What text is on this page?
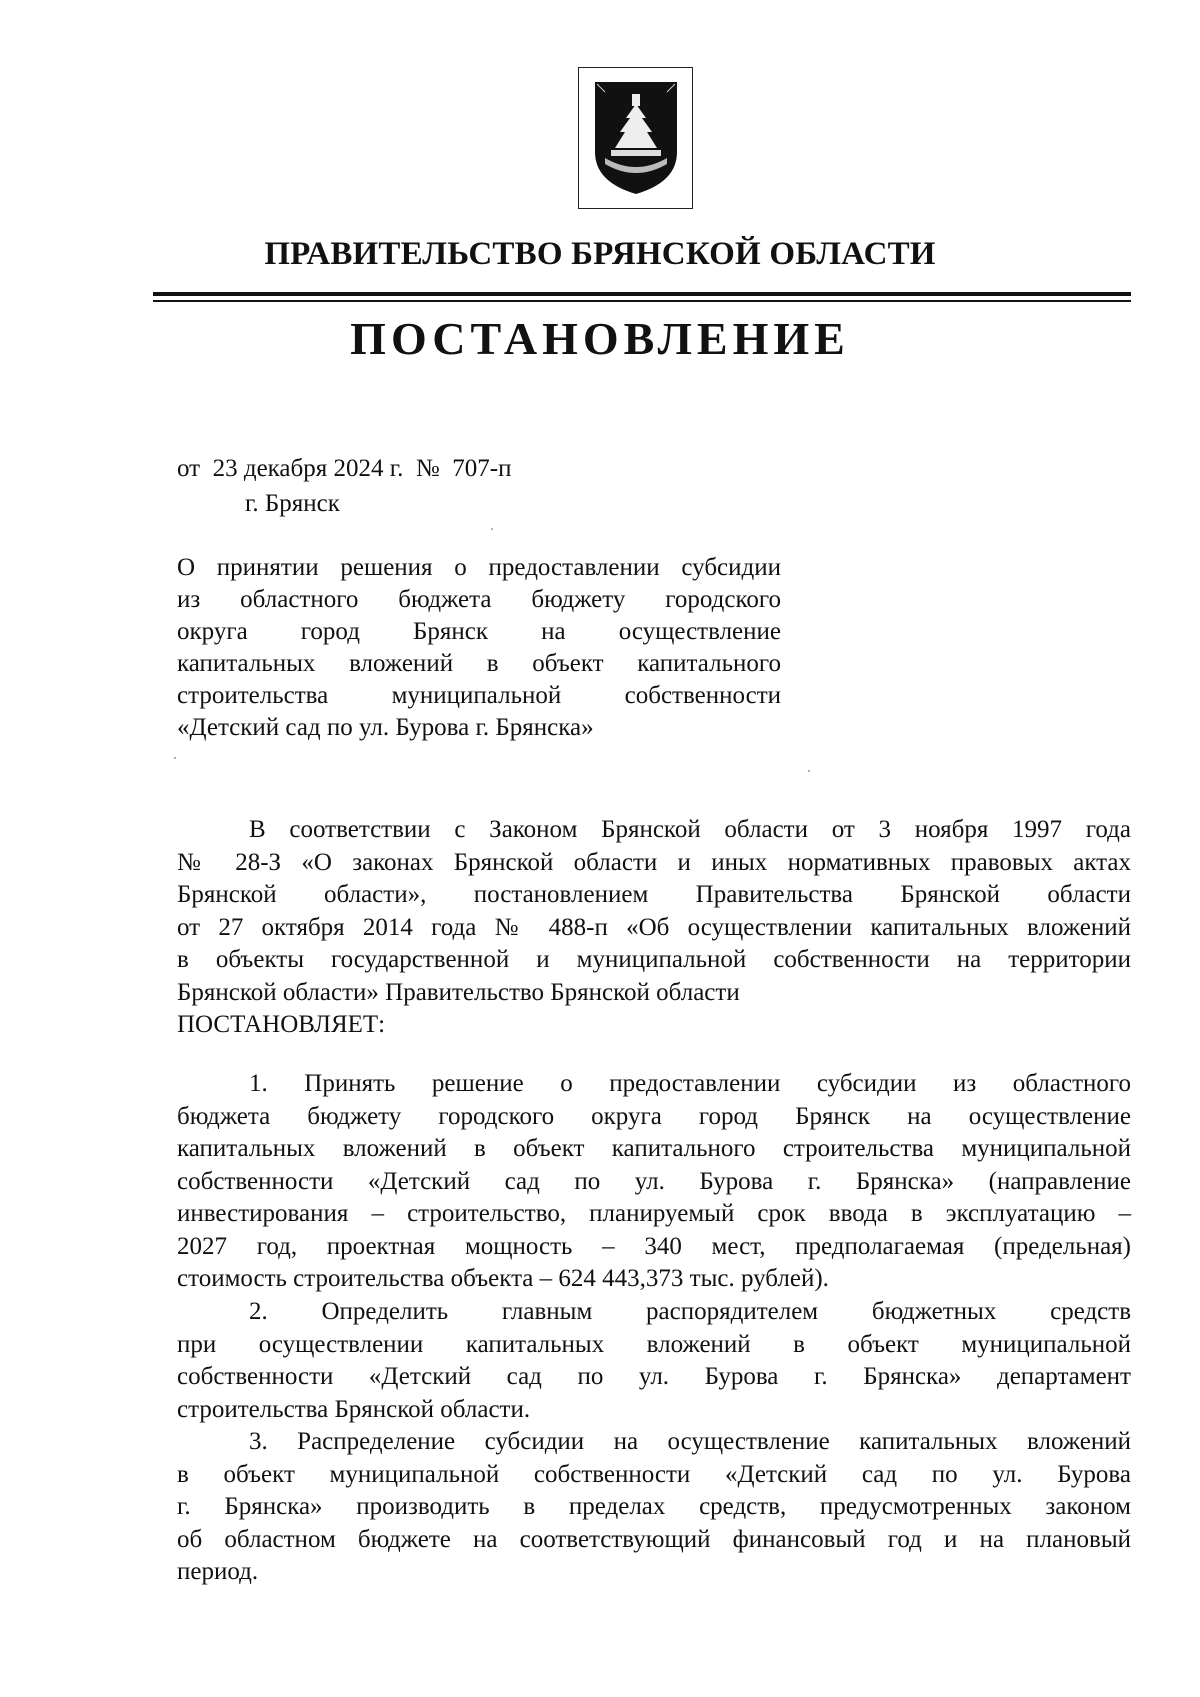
ПРАВИТЕЛЬСТВО БРЯНСКОЙ ОБЛАСТИ
ПОСТАНОВЛЕНИЕ
от  23 декабря 2024 г.  №  707-п
г. Брянск
О принятии решения о предоставлении субсидии
из областного бюджета бюджету городского
округа город Брянск на осуществление
капитальных вложений в объект капитального
строительства муниципальной собственности
«Детский сад по ул. Бурова г. Брянска»
В соответствии с Законом Брянской области от 3 ноября 1997 года
№ 28-З «О законах Брянской области и иных нормативных правовых актах
Брянской области», постановлением Правительства Брянской области
от 27 октября 2014 года № 488-п «Об осуществлении капитальных вложений
в объекты государственной и муниципальной собственности на территории
Брянской области» Правительство Брянской области
ПОСТАНОВЛЯЕТ:
1. Принять решение о предоставлении субсидии из областного
бюджета бюджету городского округа город Брянск на осуществление
капитальных вложений в объект капитального строительства муниципальной
собственности «Детский сад по ул. Бурова г. Брянска» (направление
инвестирования – строительство, планируемый срок ввода в эксплуатацию –
2027 год, проектная мощность – 340 мест, предполагаемая (предельная)
стоимость строительства объекта – 624 443,373 тыс. рублей).
2. Определить главным распорядителем бюджетных средств
при осуществлении капитальных вложений в объект муниципальной
собственности «Детский сад по ул. Бурова г. Брянска» департамент
строительства Брянской области.
3. Распределение субсидии на осуществление капитальных вложений
в объект муниципальной собственности «Детский сад по ул. Бурова
г. Брянска» производить в пределах средств, предусмотренных законом
об областном бюджете на соответствующий финансовый год и на плановый
период.
